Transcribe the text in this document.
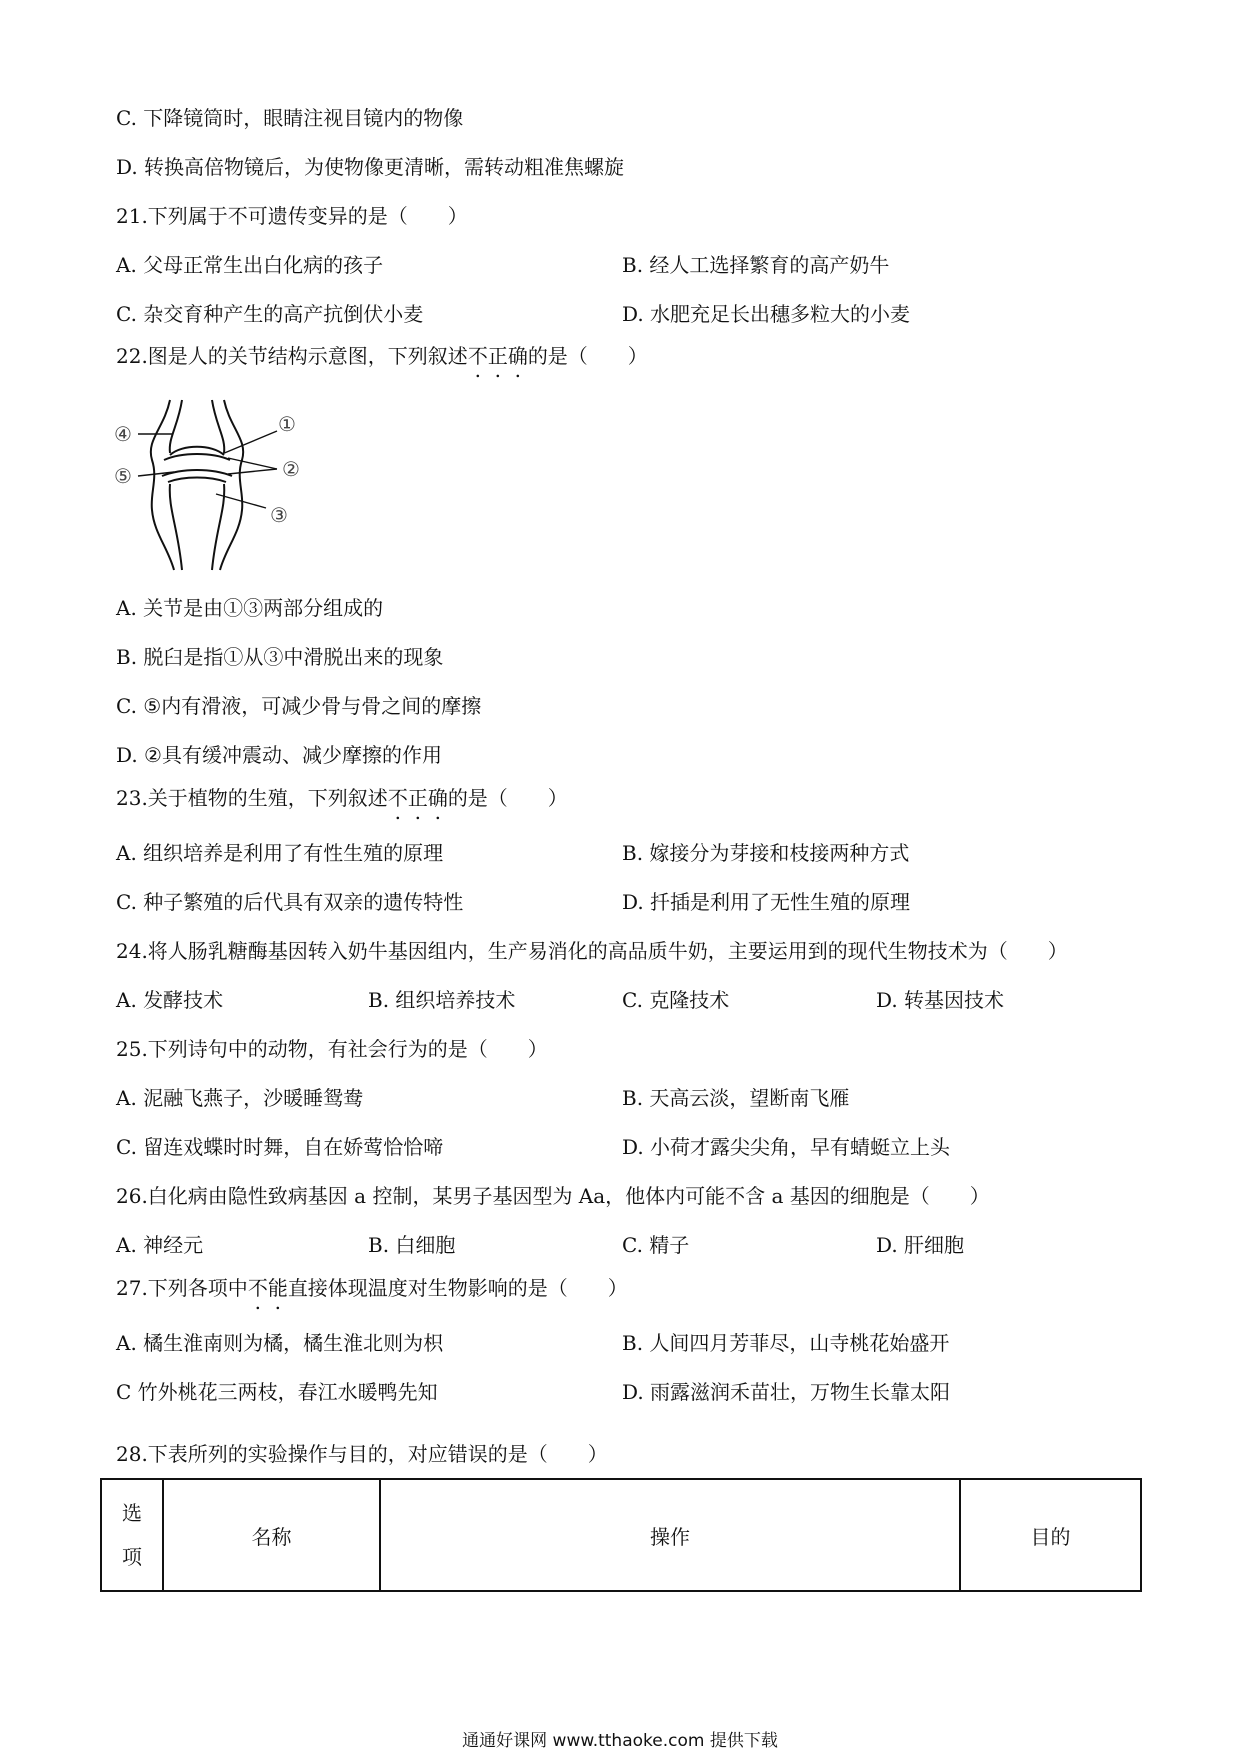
C. 下降镜筒时，眼睛注视目镜内的物像
D. 转换高倍物镜后，为使物像更清晰，需转动粗准焦螺旋
21.下列属于不可遗传变异的是（　　）
A. 父母正常生出白化病的孩子	B. 经人工选择繁育的高产奶牛
C. 杂交育种产生的高产抗倒伏小麦	D. 水肥充足长出穗多粒大的小麦
22.图是人的关节结构示意图，下列叙述不正确的是（　　）
④
⑤
①
②
③
A. 关节是由①③两部分组成的
B. 脱臼是指①从③中滑脱出来的现象
C. ⑤内有滑液，可减少骨与骨之间的摩擦
D. ②具有缓冲震动、减少摩擦的作用
23.关于植物的生殖，下列叙述不正确的是（　　）
A. 组织培养是利用了有性生殖的原理	B. 嫁接分为芽接和枝接两种方式
C. 种子繁殖的后代具有双亲的遗传特性	D. 扦插是利用了无性生殖的原理
24.将人肠乳糖酶基因转入奶牛基因组内，生产易消化的高品质牛奶，主要运用到的现代生物技术为（　　）
A. 发酵技术	B. 组织培养技术	C. 克隆技术	D. 转基因技术
25.下列诗句中的动物，有社会行为的是（　　）
A. 泥融飞燕子，沙暖睡鸳鸯	B. 天高云淡，望断南飞雁
C. 留连戏蝶时时舞，自在娇莺恰恰啼	D. 小荷才露尖尖角，早有蜻蜓立上头
26.白化病由隐性致病基因 a 控制，某男子基因型为 Aa，他体内可能不含 a 基因的细胞是（　　）
A. 神经元	B. 白细胞	C. 精子	D. 肝细胞
27.下列各项中不能直接体现温度对生物影响的是（　　）
A. 橘生淮南则为橘，橘生淮北则为枳	B. 人间四月芳菲尽，山寺桃花始盛开
C 竹外桃花三两枝，春江水暖鸭先知	D. 雨露滋润禾苗壮，万物生长靠太阳
28.下表所列的实验操作与目的，对应错误的是（　　）
选
项	名称	操作	目的
通通好课网 www.tthaoke.com 提供下载
